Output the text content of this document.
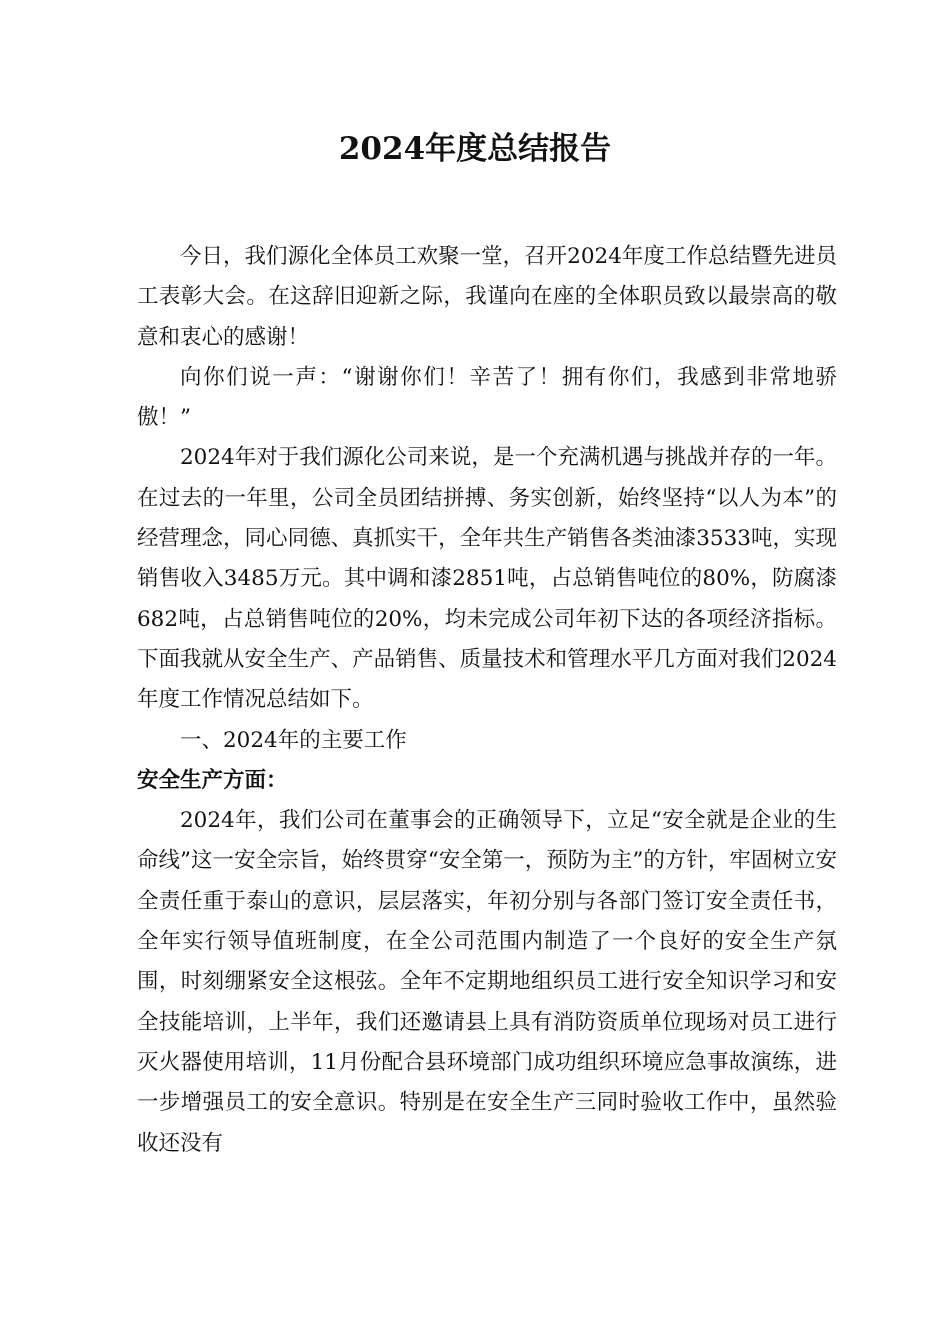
2024年度总结报告

今日，我们源化全体员工欢聚一堂，召开2024年度工作总结暨先进员工表彰大会。在这辞旧迎新之际，我谨向在座的全体职员致以最崇高的敬意和衷心的感谢！

向你们说一声：“谢谢你们！辛苦了！拥有你们，我感到非常地骄傲！”

2024年对于我们源化公司来说，是一个充满机遇与挑战并存的一年。在过去的一年里，公司全员团结拼搏、务实创新，始终坚持“以人为本”的经营理念，同心同德、真抓实干，全年共生产销售各类油漆3533吨，实现销售收入3485万元。其中调和漆2851吨，占总销售吨位的80%，防腐漆682吨，占总销售吨位的20%，均未完成公司年初下达的各项经济指标。下面我就从安全生产、产品销售、质量技术和管理水平几方面对我们2024年度工作情况总结如下。

一、2024年的主要工作

安全生产方面：

2024年，我们公司在董事会的正确领导下，立足“安全就是企业的生命线”这一安全宗旨，始终贯穿“安全第一，预防为主”的方针，牢固树立安全责任重于泰山的意识，层层落实，年初分别与各部门签订安全责任书，全年实行领导值班制度，在全公司范围内制造了一个良好的安全生产氛围，时刻绷紧安全这根弦。全年不定期地组织员工进行安全知识学习和安全技能培训，上半年，我们还邀请县上具有消防资质单位现场对员工进行灭火器使用培训，11月份配合县环境部门成功组织环境应急事故演练，进一步增强员工的安全意识。特别是在安全生产三同时验收工作中，虽然验收还没有
